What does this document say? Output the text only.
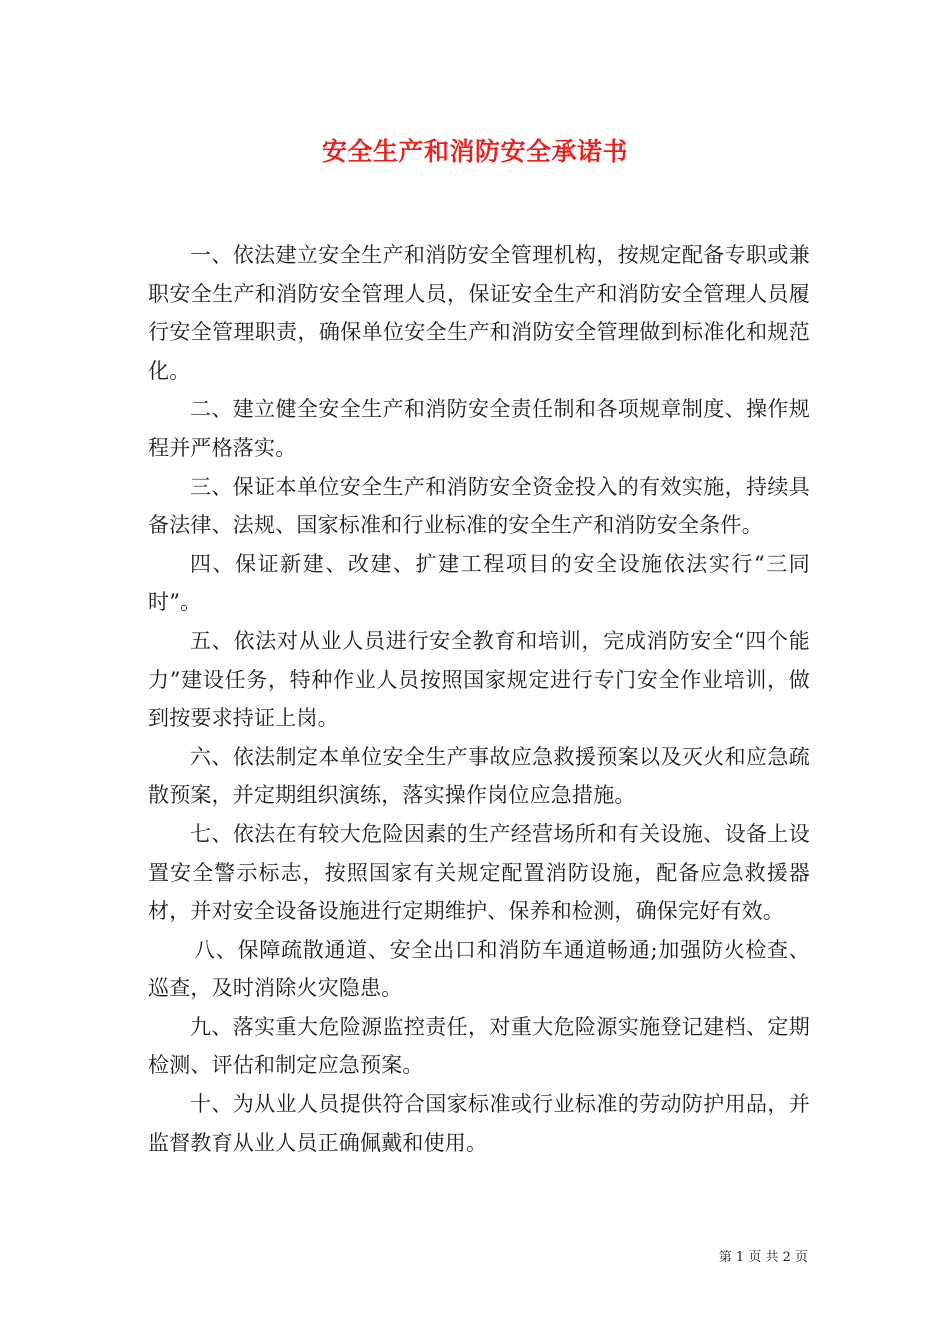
安全生产和消防安全承诺书

一、依法建立安全生产和消防安全管理机构，按规定配备专职或兼职安全生产和消防安全管理人员，保证安全生产和消防安全管理人员履行安全管理职责，确保单位安全生产和消防安全管理做到标准化和规范化。

二、建立健全安全生产和消防安全责任制和各项规章制度、操作规程并严格落实。

三、保证本单位安全生产和消防安全资金投入的有效实施，持续具备法律、法规、国家标准和行业标准的安全生产和消防安全条件。

四、保证新建、改建、扩建工程项目的安全设施依法实行“三同时”。

五、依法对从业人员进行安全教育和培训，完成消防安全“四个能力”建设任务，特种作业人员按照国家规定进行专门安全作业培训，做到按要求持证上岗。

六、依法制定本单位安全生产事故应急救援预案以及灭火和应急疏散预案，并定期组织演练，落实操作岗位应急措施。

七、依法在有较大危险因素的生产经营场所和有关设施、设备上设置安全警示标志，按照国家有关规定配置消防设施，配备应急救援器材，并对安全设备设施进行定期维护、保养和检测，确保完好有效。

八、保障疏散通道、安全出口和消防车通道畅通;加强防火检查、巡查，及时消除火灾隐患。

九、落实重大危险源监控责任，对重大危险源实施登记建档、定期检测、评估和制定应急预案。

十、为从业人员提供符合国家标准或行业标准的劳动防护用品，并监督教育从业人员正确佩戴和使用。

第 1 页 共 2 页
